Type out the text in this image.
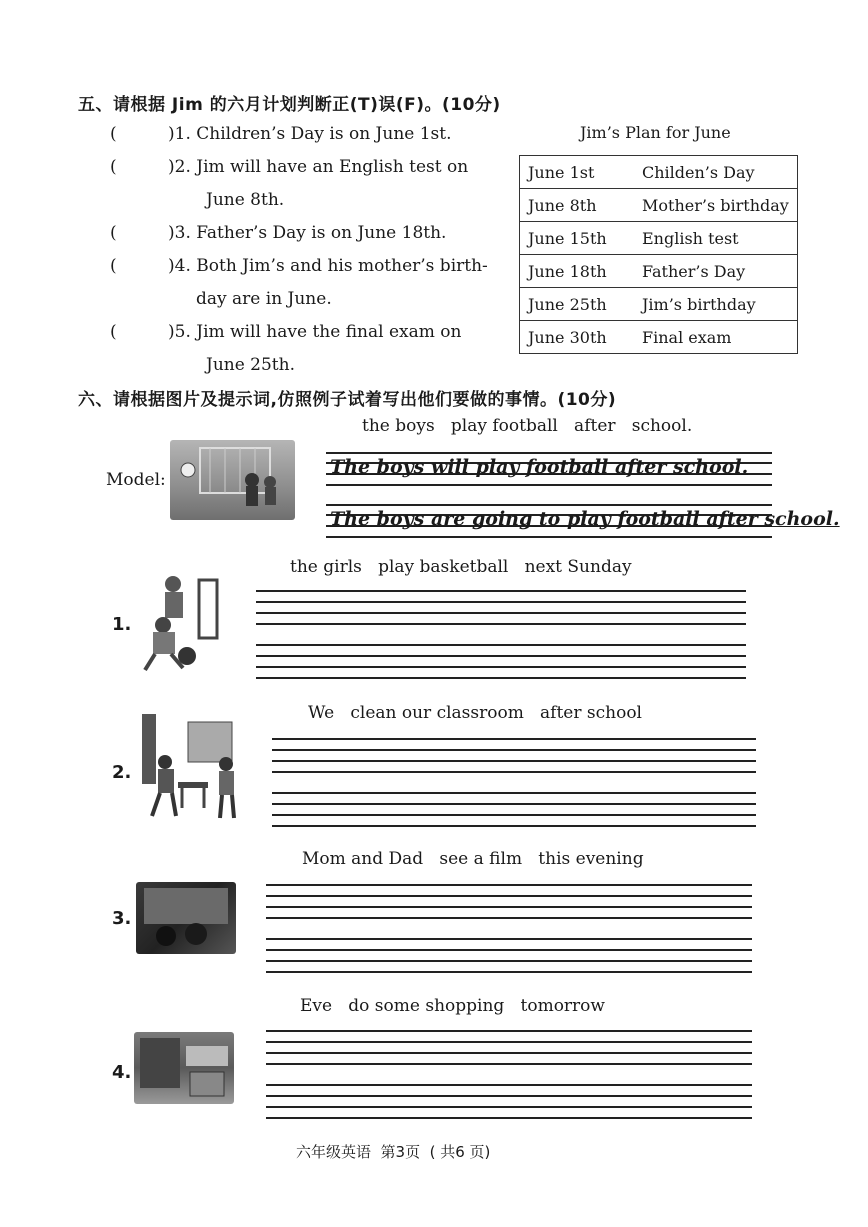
五、请根据 Jim 的六月计划判断正(T)误(F)。(10分)
(	)1. Children’s Day is on June 1st.
(	)2. Jim will have an English test on
June 8th.
(	)3. Father’s Day is on June 18th.
(	)4. Both Jim’s and his mother’s birth-
day are in June.
(	)5. Jim will have the final exam on
June 25th.
Jim’s Plan for June
June 1st	Childen’s Day
June 8th	Mother’s birthday
June 15th	English test
June 18th	Father’s Day
June 25th	Jim’s birthday
June 30th	Final exam
六、请根据图片及提示词,仿照例子试着写出他们要做的事情。(10分)
the boys   play football   after   school.
Model:
The boys will play football after school.
The boys are going to play football after school.
the girls   play basketball   next Sunday
1.
We   clean our classroom   after school
2.
Mom and Dad   see a film   this evening
3.
Eve   do some shopping   tomorrow
4.
六年级英语  第3页  ( 共6 页)
